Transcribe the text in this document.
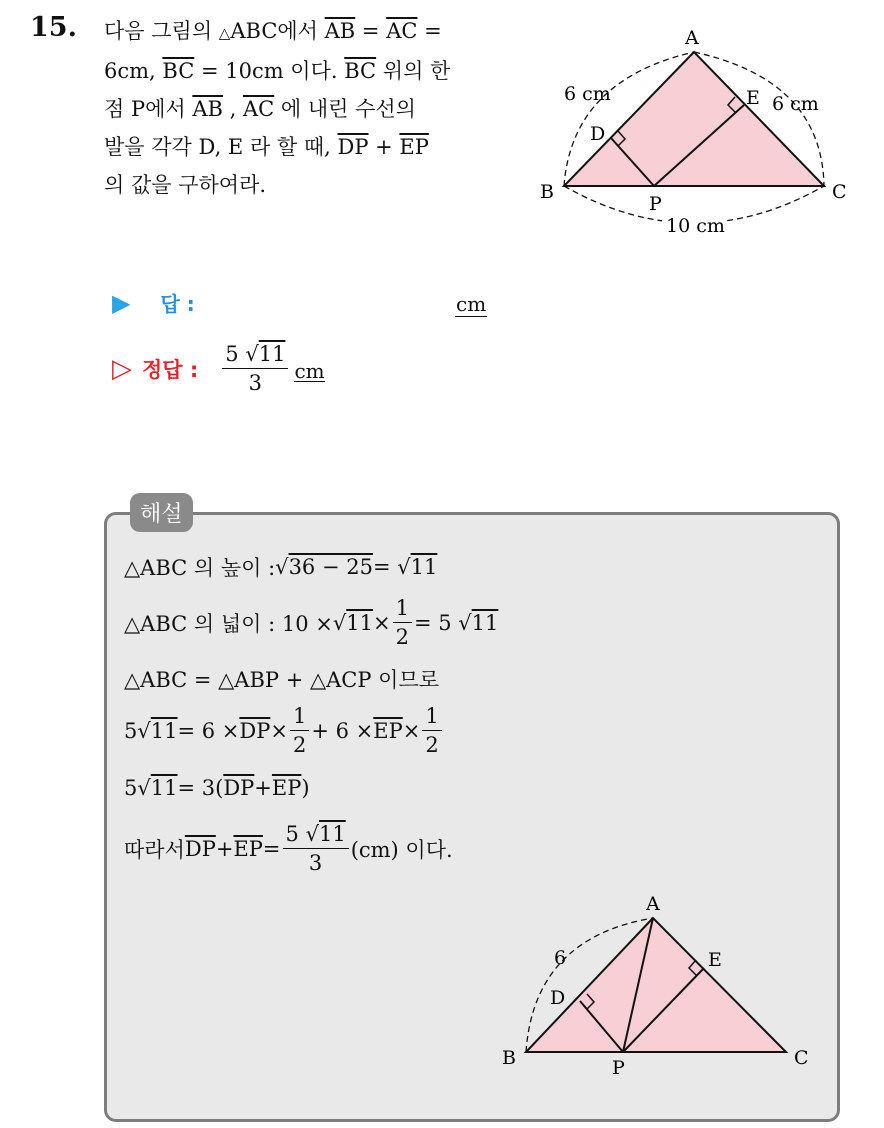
15. 다음 그림의 △ABC에서 $\overline{AB} = \overline{AC}$ =
6cm, $\overline{BC} = 10cm$ 이다. $\overline{BC}$ 위의 한
점 P에서 $\overline{AB}$ , $\overline{AC}$ 에 내린 수선의
발을 각각 D, E 라 할 때, $\overline{DP} + \overline{EP}$
의 값을 구하여라.
A
B	C
D
E
P
6 cm	6 cm
10 cm
▶ 답 :	cm
▷ 정답 : $\frac{5 √11}{3}$ cm
해설
△ABC 의 높이 : √ 36 − 25 = √ 11
△ABC 의 넓이 : 10 × √ $11 \times \frac{1}{2} = 5$ √ 11
△ABC = △ABP + △ACP 이므로
5 √ $11 = 6 \times \overline{DP} \times \frac{1}{2} + 6 \times \overline{EP} \times \frac{1}{2}$
5 √ 11 = 3( $\overline{DP} + \overline{EP}$ )
따라서 $\overline{DP} + \overline{EP} = \frac{5 √11}{3} (cm)$ 이다.
A
B	C
D
E
P
6
